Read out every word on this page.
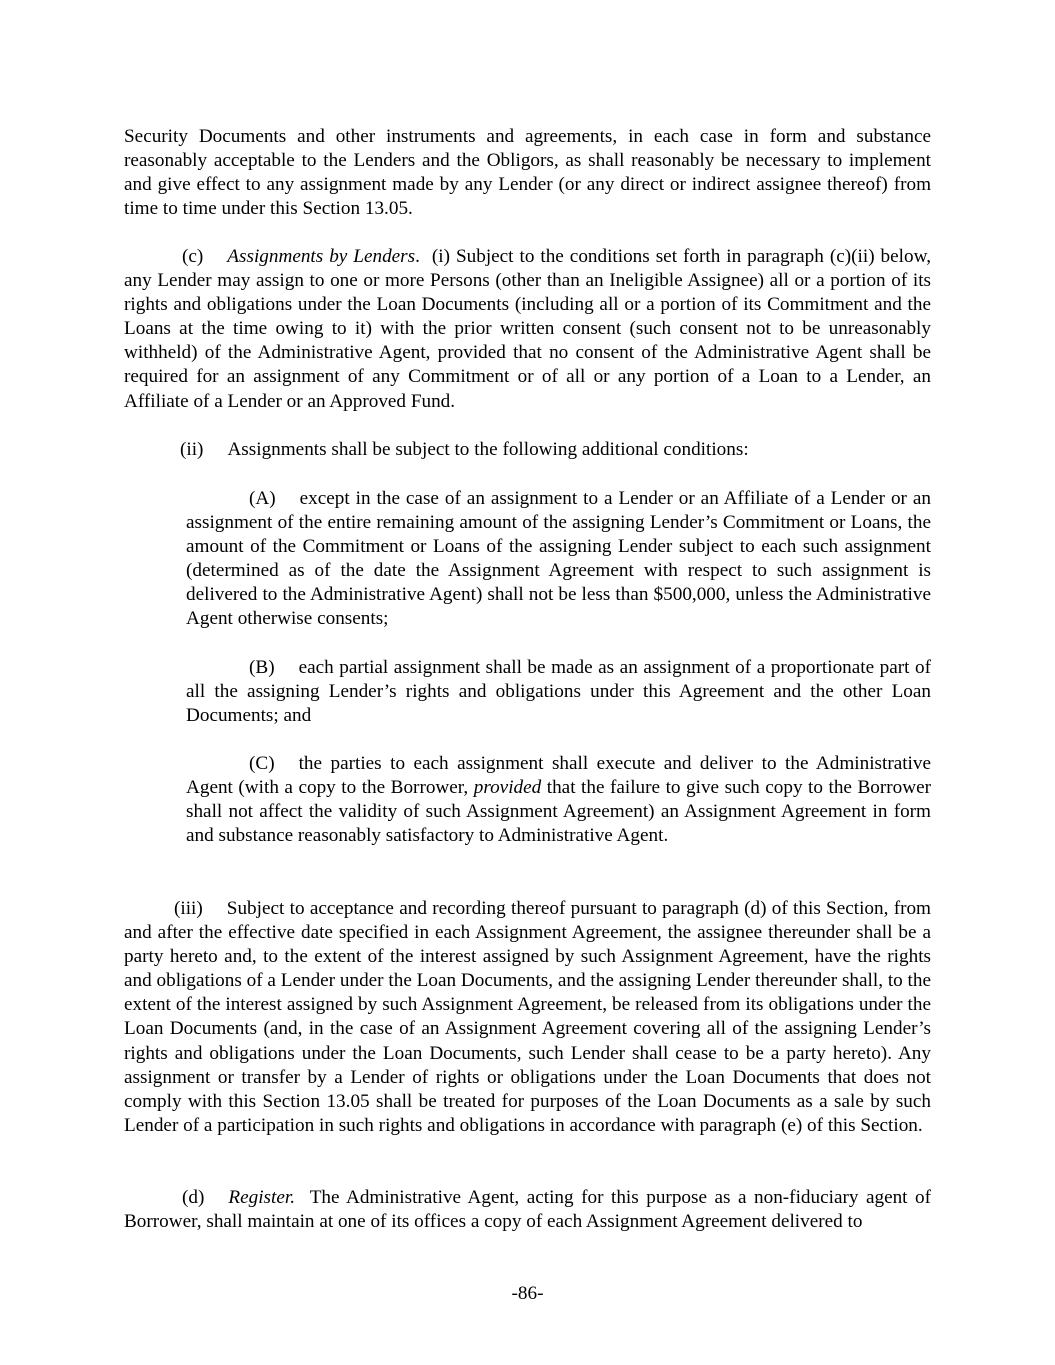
Security Documents and other instruments and agreements, in each case in form and substance reasonably acceptable to the Lenders and the Obligors, as shall reasonably be necessary to implement and give effect to any assignment made by any Lender (or any direct or indirect assignee thereof) from time to time under this Section 13.05.

(c) Assignments by Lenders. (i) Subject to the conditions set forth in paragraph (c)(ii) below, any Lender may assign to one or more Persons (other than an Ineligible Assignee) all or a portion of its rights and obligations under the Loan Documents (including all or a portion of its Commitment and the Loans at the time owing to it) with the prior written consent (such consent not to be unreasonably withheld) of the Administrative Agent, provided that no consent of the Administrative Agent shall be required for an assignment of any Commitment or of all or any portion of a Loan to a Lender, an Affiliate of a Lender or an Approved Fund.

(ii) Assignments shall be subject to the following additional conditions:

(A) except in the case of an assignment to a Lender or an Affiliate of a Lender or an assignment of the entire remaining amount of the assigning Lender’s Commitment or Loans, the amount of the Commitment or Loans of the assigning Lender subject to each such assignment (determined as of the date the Assignment Agreement with respect to such assignment is delivered to the Administrative Agent) shall not be less than $500,000, unless the Administrative Agent otherwise consents;

(B) each partial assignment shall be made as an assignment of a proportionate part of all the assigning Lender’s rights and obligations under this Agreement and the other Loan Documents; and

(C) the parties to each assignment shall execute and deliver to the Administrative Agent (with a copy to the Borrower, provided that the failure to give such copy to the Borrower shall not affect the validity of such Assignment Agreement) an Assignment Agreement in form and substance reasonably satisfactory to Administrative Agent.

(iii) Subject to acceptance and recording thereof pursuant to paragraph (d) of this Section, from and after the effective date specified in each Assignment Agreement, the assignee thereunder shall be a party hereto and, to the extent of the interest assigned by such Assignment Agreement, have the rights and obligations of a Lender under the Loan Documents, and the assigning Lender thereunder shall, to the extent of the interest assigned by such Assignment Agreement, be released from its obligations under the Loan Documents (and, in the case of an Assignment Agreement covering all of the assigning Lender’s rights and obligations under the Loan Documents, such Lender shall cease to be a party hereto). Any assignment or transfer by a Lender of rights or obligations under the Loan Documents that does not comply with this Section 13.05 shall be treated for purposes of the Loan Documents as a sale by such Lender of a participation in such rights and obligations in accordance with paragraph (e) of this Section.

(d) Register. The Administrative Agent, acting for this purpose as a non-fiduciary agent of Borrower, shall maintain at one of its offices a copy of each Assignment Agreement delivered to

-86-
